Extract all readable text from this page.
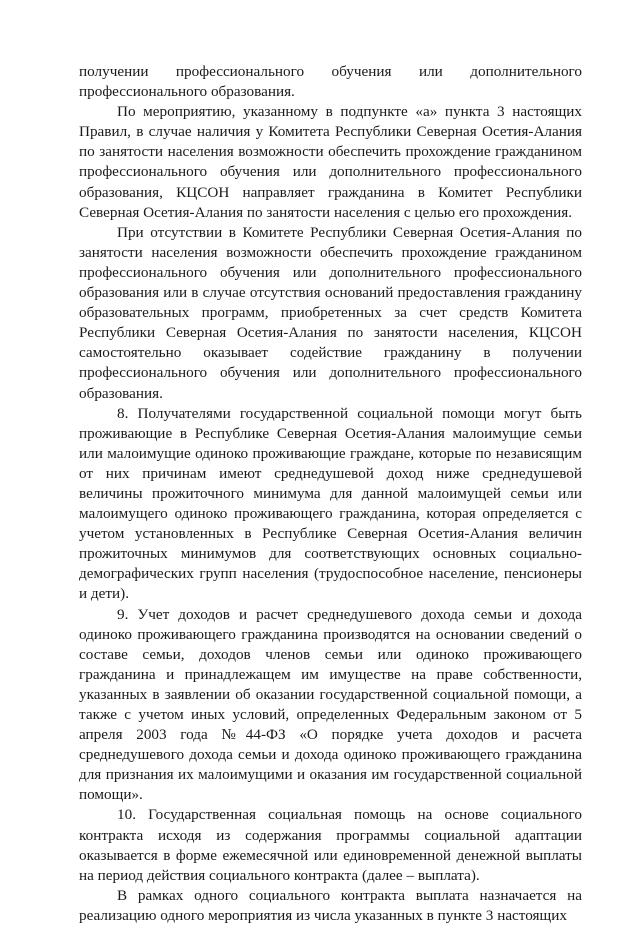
получении профессионального обучения или дополнительного профессионального образования.

По мероприятию, указанному в подпункте «а» пункта 3 настоящих Правил, в случае наличия у Комитета Республики Северная Осетия-Алания по занятости населения возможности обеспечить прохождение гражданином профессионального обучения или дополнительного профессионального образования, КЦСОН направляет гражданина в Комитет Республики Северная Осетия-Алания по занятости населения с целью его прохождения.

При отсутствии в Комитете Республики Северная Осетия-Алания по занятости населения возможности обеспечить прохождение гражданином профессионального обучения или дополнительного профессионального образования или в случае отсутствия оснований предоставления гражданину образовательных программ, приобретенных за счет средств Комитета Республики Северная Осетия-Алания по занятости населения, КЦСОН самостоятельно оказывает содействие гражданину в получении профессионального обучения или дополнительного профессионального образования.

8. Получателями государственной социальной помощи могут быть проживающие в Республике Северная Осетия-Алания малоимущие семьи или малоимущие одиноко проживающие граждане, которые по независящим от них причинам имеют среднедушевой доход ниже среднедушевой величины прожиточного минимума для данной малоимущей семьи или малоимущего одиноко проживающего гражданина, которая определяется с учетом установленных в Республике Северная Осетия-Алания величин прожиточных минимумов для соответствующих основных социально-демографических групп населения (трудоспособное население, пенсионеры и дети).

9. Учет доходов и расчет среднедушевого дохода семьи и дохода одиноко проживающего гражданина производятся на основании сведений о составе семьи, доходов членов семьи или одиноко проживающего гражданина и принадлежащем им имуществе на праве собственности, указанных в заявлении об оказании государственной социальной помощи, а также с учетом иных условий, определенных Федеральным законом от 5 апреля 2003 года №44-ФЗ «О порядке учета доходов и расчета среднедушевого дохода семьи и дохода одиноко проживающего гражданина для признания их малоимущими и оказания им государственной социальной помощи».

10. Государственная социальная помощь на основе социального контракта исходя из содержания программы социальной адаптации оказывается в форме ежемесячной или единовременной денежной выплаты на период действия социального контракта (далее – выплата).

В рамках одного социального контракта выплата назначается на реализацию одного мероприятия из числа указанных в пункте 3 настоящих
